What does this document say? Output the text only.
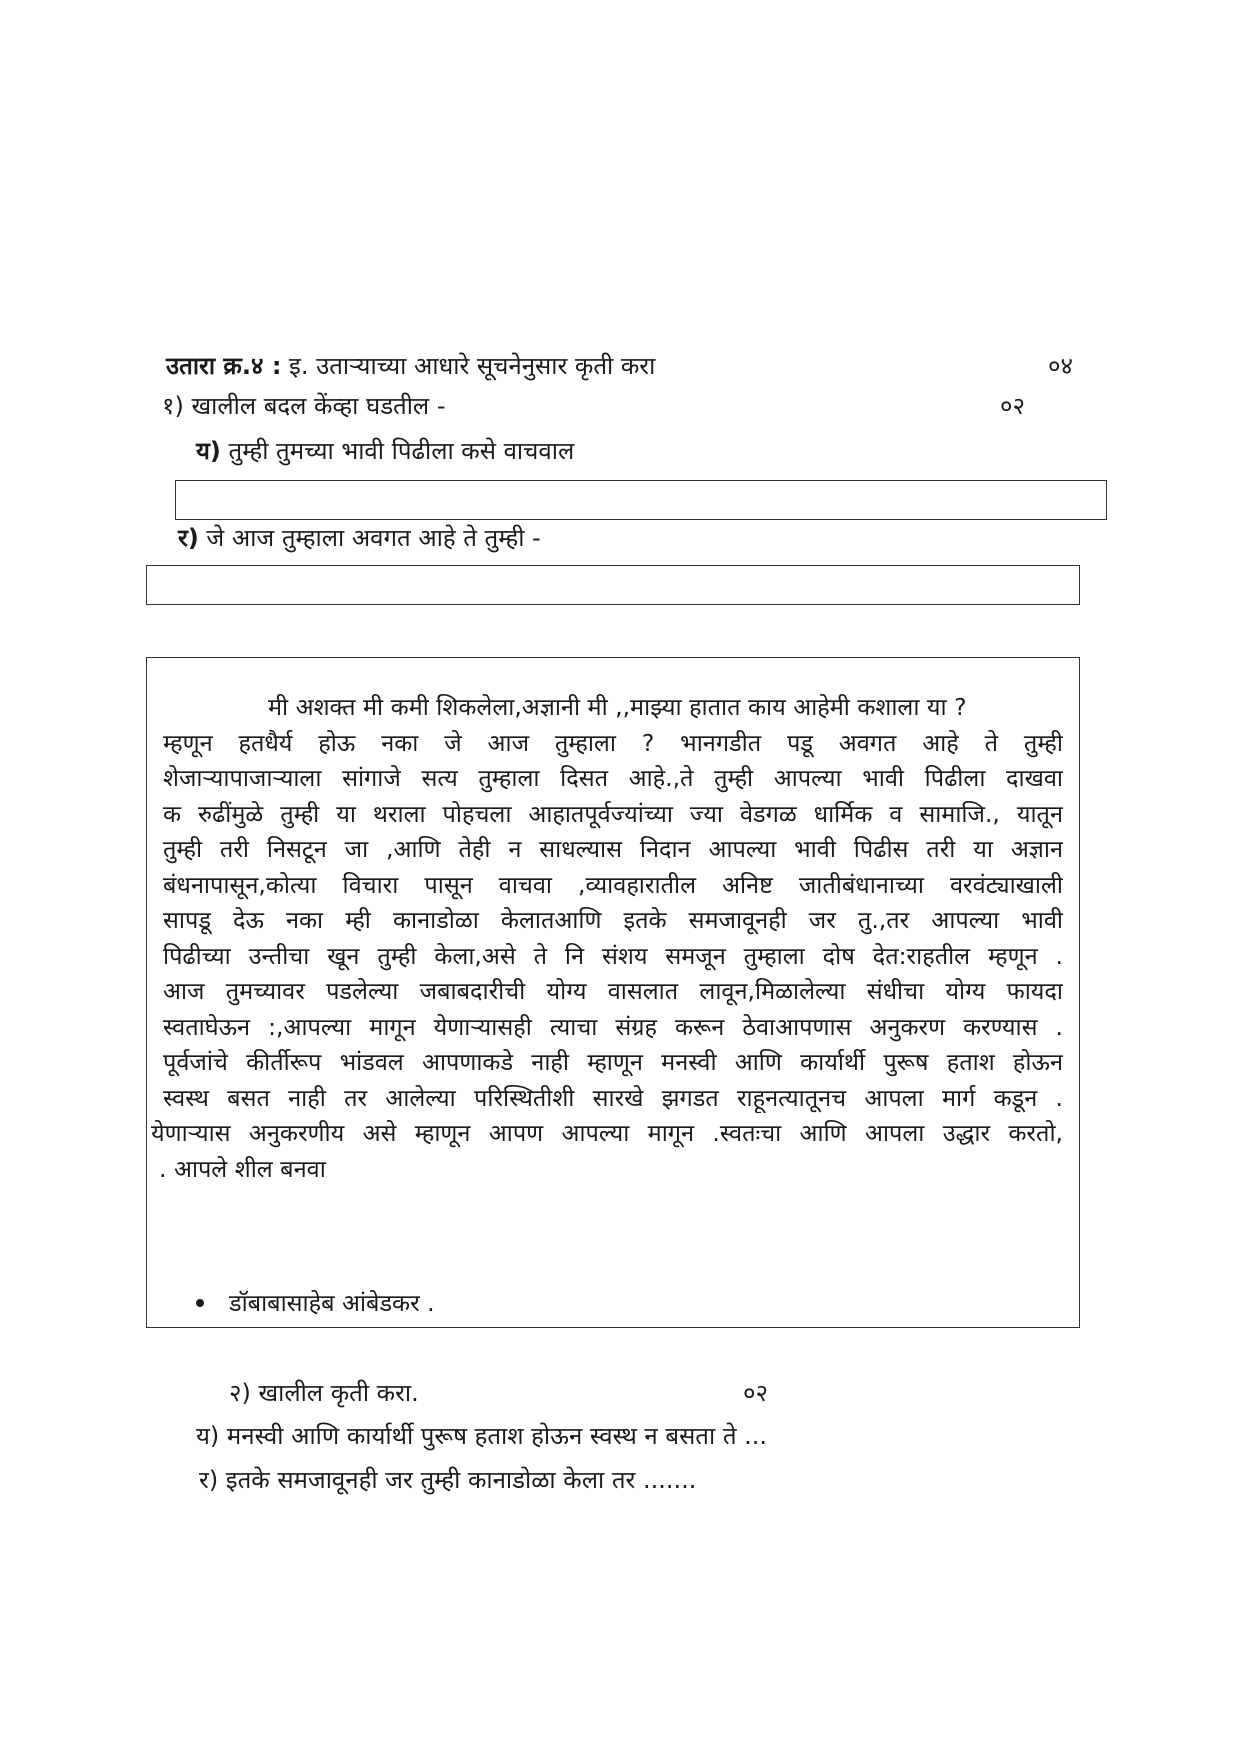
उतारा क्र.४ : इ. उताऱ्याच्या आधारे सूचनेनुसार कृती करा	०४
१) खालील बदल केंव्हा घडतील -	०२
य) तुम्ही तुमच्या भावी पिढीला कसे वाचवाल
र) जे आज तुम्हाला अवगत आहे ते तुम्ही -
मी अशक्त मी कमी शिकलेला,अज्ञानी मी ,,माझ्या हातात काय आहेमी कशाला या ?
म्हणून हतधैर्य होऊ नका जे आज तुम्हाला ? भानगडीत पडू अवगत आहे ते तुम्ही
शेजाऱ्यापाजाऱ्याला सांगाजे सत्य तुम्हाला दिसत आहे.,ते तुम्ही आपल्या भावी पिढीला दाखवा
क रुढींमुळे तुम्ही या थराला पोहचला आहातपूर्वज्यांच्या ज्या वेडगळ धार्मिक व सामाजि., यातून
तुम्ही तरी निसटून जा ,आणि तेही न साधल्यास निदान आपल्या भावी पिढीस तरी या अज्ञान
बंधनापासून,कोत्या विचारा पासून वाचवा ,व्यावहारातील अनिष्ट जातीबंधानाच्या वरवंट्याखाली
सापडू देऊ नका म्ही कानाडोळा केलातआणि इतके समजावूनही जर तु.,तर आपल्या भावी
पिढीच्या उन्तीचा खून तुम्ही केला,असे ते नि संशय समजून तुम्हाला दोष देत:राहतील म्हणून .
आज तुमच्यावर पडलेल्या जबाबदारीची योग्य वासलात लावून,मिळालेल्या संधीचा योग्य फायदा
स्वताघेऊन :,आपल्या मागून येणाऱ्यासही त्याचा संग्रह करून ठेवाआपणास अनुकरण करण्यास .
पूर्वजांचे कीर्तीरूप भांडवल आपणाकडे नाही म्हाणून मनस्वी आणि कार्यार्थी पुरूष हताश होऊन
स्वस्थ बसत नाही तर आलेल्या परिस्थितीशी सारखे झगडत राहूनत्यातूनच आपला मार्ग कडून .
येणाऱ्यास अनुकरणीय असे म्हाणून आपण आपल्या मागून .स्वतःचा आणि आपला उद्धार करतो,
. आपले शील बनवा
डॉबाबासाहेब आंबेडकर .
२) खालील कृती करा.	०२
य) मनस्वी आणि कार्यार्थी पुरूष हताश होऊन स्वस्थ न बसता ते ...
र) इतके समजावूनही जर तुम्ही कानाडोळा केला तर .......
